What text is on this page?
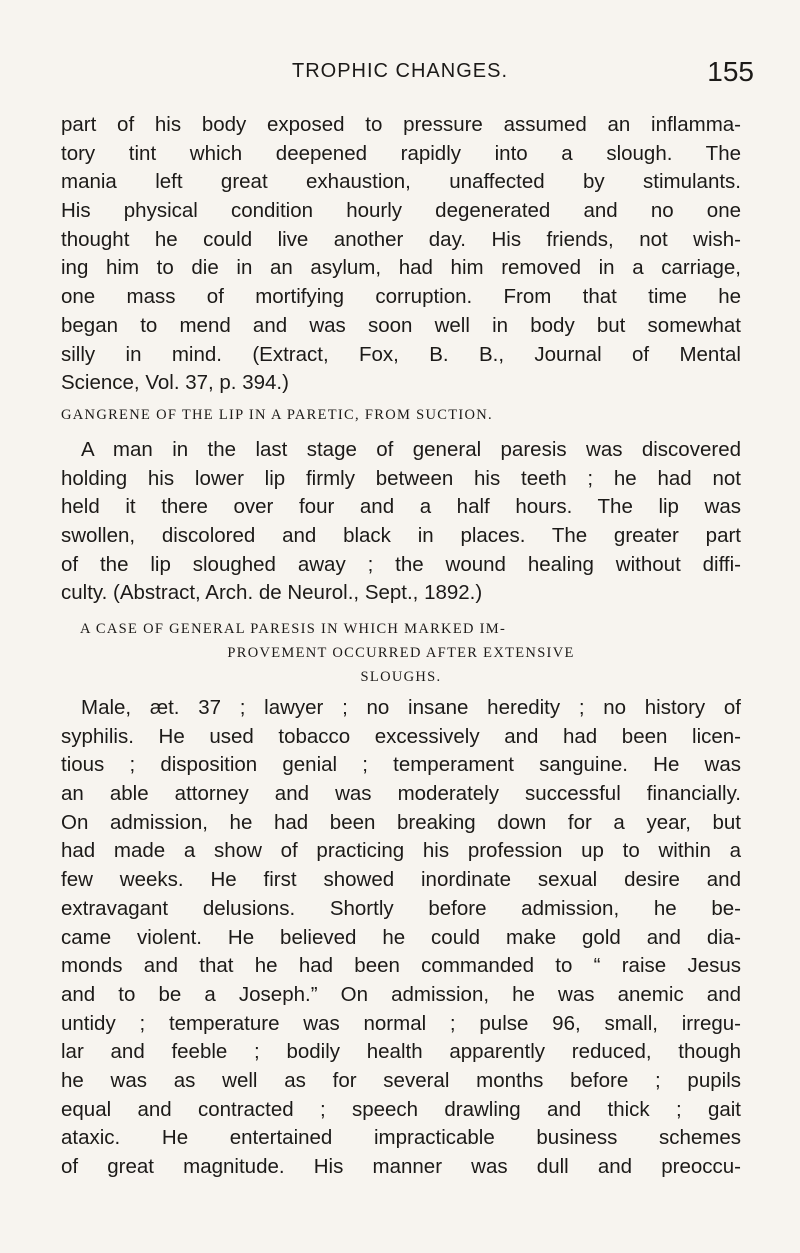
TROPHIC CHANGES.	155
part of his body exposed to pressure assumed an inflamma-
tory tint which deepened rapidly into a slough. The
mania left great exhaustion, unaffected by stimulants.
His physical condition hourly degenerated and no one
thought he could live another day. His friends, not wish-
ing him to die in an asylum, had him removed in a carriage,
one mass of mortifying corruption. From that time he
began to mend and was soon well in body but somewhat
silly in mind. (Extract, Fox, B. B., Journal of Mental
Science, Vol. 37, p. 394.)
GANGRENE OF THE LIP IN A PARETIC, FROM SUCTION.
A man in the last stage of general paresis was discovered
holding his lower lip firmly between his teeth ; he had not
held it there over four and a half hours. The lip was
swollen, discolored and black in places. The greater part
of the lip sloughed away ; the wound healing without diffi-
culty. (Abstract, Arch. de Neurol., Sept., 1892.)
A CASE OF GENERAL PARESIS IN WHICH MARKED IM-
PROVEMENT OCCURRED AFTER EXTENSIVE
SLOUGHS.
Male, æt. 37 ; lawyer ; no insane heredity ; no history of
syphilis. He used tobacco excessively and had been licen-
tious ; disposition genial ; temperament sanguine. He was
an able attorney and was moderately successful financially.
On admission, he had been breaking down for a year, but
had made a show of practicing his profession up to within a
few weeks. He first showed inordinate sexual desire and
extravagant delusions. Shortly before admission, he be-
came violent. He believed he could make gold and dia-
monds and that he had been commanded to “ raise Jesus
and to be a Joseph.” On admission, he was anemic and
untidy ; temperature was normal ; pulse 96, small, irregu-
lar and feeble ; bodily health apparently reduced, though
he was as well as for several months before ; pupils
equal and contracted ; speech drawling and thick ; gait
ataxic. He entertained impracticable business schemes
of great magnitude. His manner was dull and preoccu-
